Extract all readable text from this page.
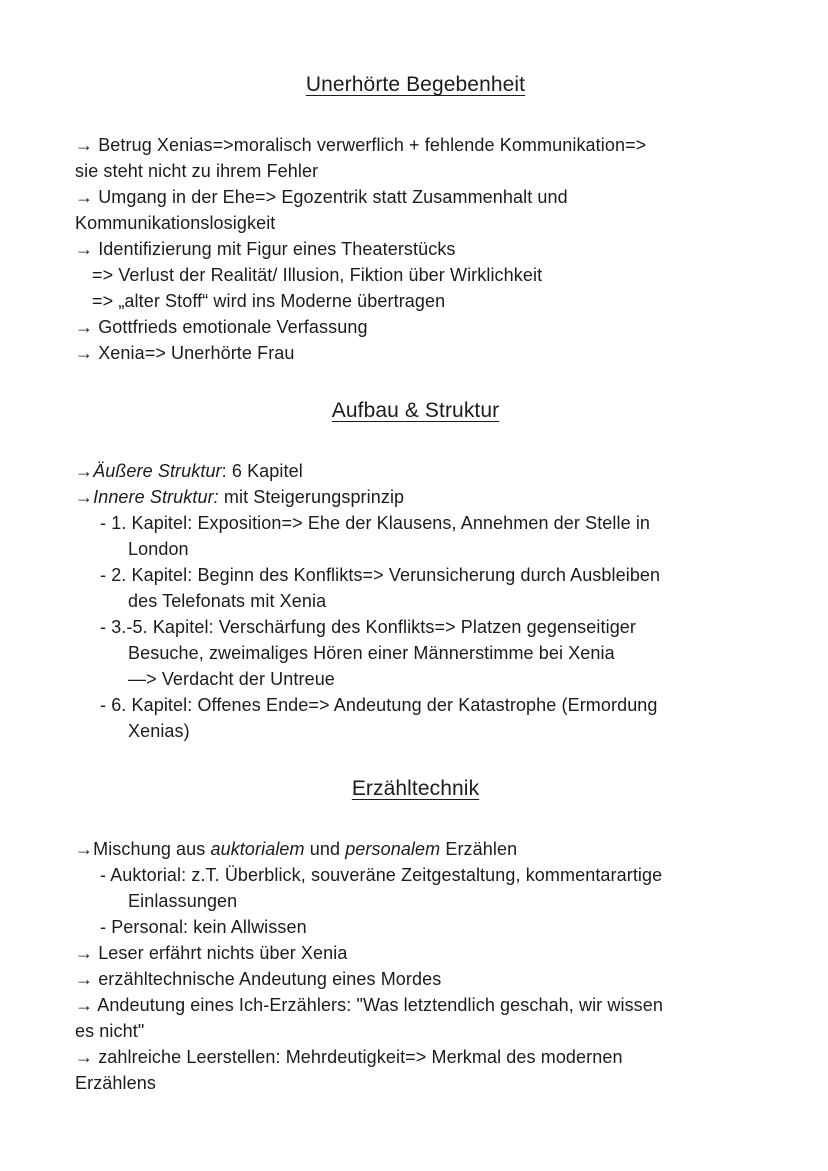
Unerhörte Begebenheit
→ Betrug Xenias=>moralisch verwerflich + fehlende Kommunikation=>
sie steht nicht zu ihrem Fehler
→ Umgang in der Ehe=> Egozentrik statt Zusammenhalt und
Kommunikationslosigkeit
→ Identifizierung mit Figur eines Theaterstücks
=> Verlust der Realität/ Illusion, Fiktion über Wirklichkeit
=> „alter Stoff“ wird ins Moderne übertragen
→ Gottfrieds emotionale Verfassung
→ Xenia=> Unerhörte Frau
Aufbau & Struktur
→Äußere Struktur: 6 Kapitel
→Innere Struktur: mit Steigerungsprinzip
- 1. Kapitel: Exposition=> Ehe der Klausens, Annehmen der Stelle in
London
- 2. Kapitel: Beginn des Konflikts=> Verunsicherung durch Ausbleiben
des Telefonats mit Xenia
- 3.-5. Kapitel: Verschärfung des Konflikts=> Platzen gegenseitiger
Besuche, zweimaliges Hören einer Männerstimme bei Xenia
—> Verdacht der Untreue
- 6. Kapitel: Offenes Ende=> Andeutung der Katastrophe (Ermordung
Xenias)
Erzähltechnik
→Mischung aus auktorialem und personalem Erzählen
- Auktorial: z.T. Überblick, souveräne Zeitgestaltung, kommentarartige
Einlassungen
- Personal: kein Allwissen
→ Leser erfährt nichts über Xenia
→ erzähltechnische Andeutung eines Mordes
→ Andeutung eines Ich-Erzählers: "Was letztendlich geschah, wir wissen
es nicht"
→ zahlreiche Leerstellen: Mehrdeutigkeit=> Merkmal des modernen
Erzählens
